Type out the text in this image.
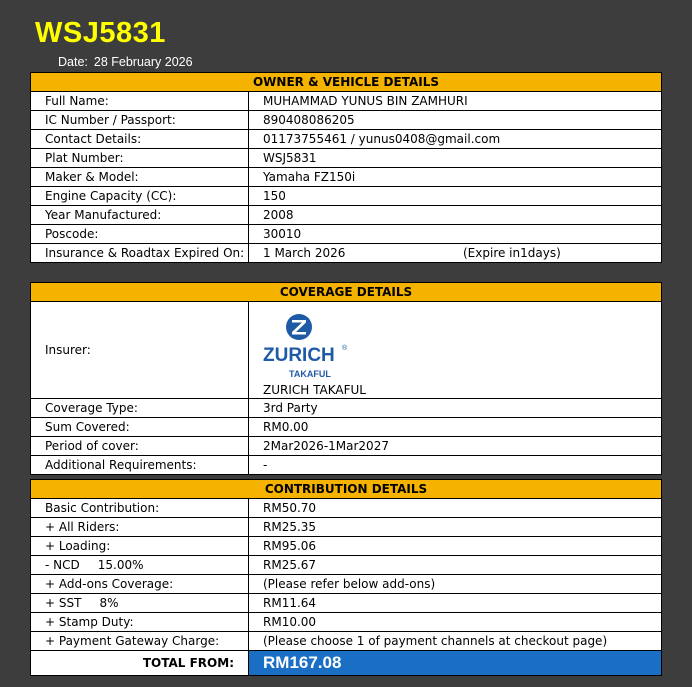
WSJ5831
Date: 28 February 2026
OWNER & VEHICLE DETAILS
Full Name:	MUHAMMAD YUNUS BIN ZAMHURI
IC Number / Passport:	890408086205
Contact Details:	01173755461 / yunus0408@gmail.com
Plat Number:	WSJ5831
Maker & Model:	Yamaha FZ150i
Engine Capacity (CC):	150
Year Manufactured:	2008
Poscode:	30010
Insurance & Roadtax Expired On:	1 March 2026	(Expire in1days)
COVERAGE DETAILS
Insurer:	ZURICH ®
TAKAFUL
ZURICH TAKAFUL
Coverage Type:	3rd Party
Sum Covered:	RM0.00
Period of cover:	2Mar2026-1Mar2027
Additional Requirements:	-
CONTRIBUTION DETAILS
Basic Contribution:	RM50.70
+ All Riders:	RM25.35
+ Loading:	RM95.06
- NCD 15.00%	RM25.67
+ Add-ons Coverage:	(Please refer below add-ons)
+ SST 8%	RM11.64
+ Stamp Duty:	RM10.00
+ Payment Gateway Charge:	(Please choose 1 of payment channels at checkout page)
TOTAL FROM:	RM167.08
